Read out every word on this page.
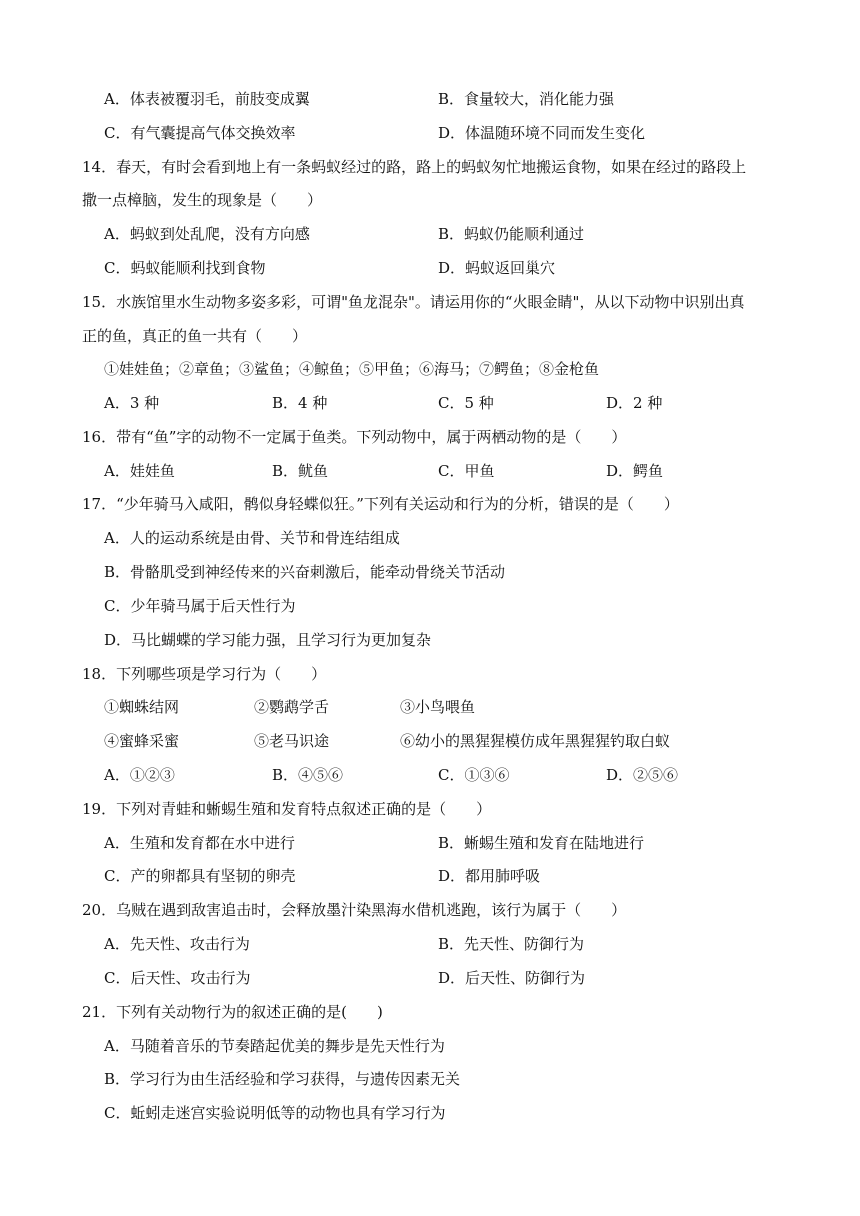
A．体表被覆羽毛，前肢变成翼	B．食量较大，消化能力强
C．有气囊提高气体交换效率	D．体温随环境不同而发生变化
14．春天，有时会看到地上有一条蚂蚁经过的路，路上的蚂蚁匆忙地搬运食物，如果在经过的路段上
撒一点樟脑，发生的现象是（　　）
A．蚂蚁到处乱爬，没有方向感	B．蚂蚁仍能顺利通过
C．蚂蚁能顺利找到食物	D．蚂蚁返回巢穴
15．水族馆里水生动物多姿多彩，可谓"鱼龙混杂"。请运用你的“火眼金睛"，从以下动物中识别出真
正的鱼，真正的鱼一共有（　　）
①娃娃鱼；②章鱼；③鲨鱼；④鲸鱼；⑤甲鱼；⑥海马；⑦鳄鱼；⑧金枪鱼
A．3 种	B．4 种	C．5 种	D．2 种
16．带有“鱼”字的动物不一定属于鱼类。下列动物中，属于两栖动物的是（　　）
A．娃娃鱼	B．鱿鱼	C．甲鱼	D．鳄鱼
17．“少年骑马入咸阳，鹘似身轻蝶似狂。”下列有关运动和行为的分析，错误的是（　　）
A．人的运动系统是由骨、关节和骨连结组成
B．骨骼肌受到神经传来的兴奋刺激后，能牵动骨绕关节活动
C．少年骑马属于后天性行为
D．马比蝴蝶的学习能力强，且学习行为更加复杂
18．下列哪些项是学习行为（　　）
①蜘蛛结网	②鹦鹉学舌	③小鸟喂鱼
④蜜蜂采蜜	⑤老马识途	⑥幼小的黑猩猩模仿成年黑猩猩钓取白蚁
A．①②③	B．④⑤⑥	C．①③⑥	D．②⑤⑥
19．下列对青蛙和蜥蜴生殖和发育特点叙述正确的是（　　）
A．生殖和发育都在水中进行	B．蜥蜴生殖和发育在陆地进行
C．产的卵都具有坚韧的卵壳	D．都用肺呼吸
20．乌贼在遇到敌害追击时，会释放墨汁染黑海水借机逃跑，该行为属于（　　）
A．先天性、攻击行为	B．先天性、防御行为
C．后天性、攻击行为	D．后天性、防御行为
21．下列有关动物行为的叙述正确的是(　　)
A．马随着音乐的节奏踏起优美的舞步是先天性行为
B．学习行为由生活经验和学习获得，与遗传因素无关
C．蚯蚓走迷宫实验说明低等的动物也具有学习行为
